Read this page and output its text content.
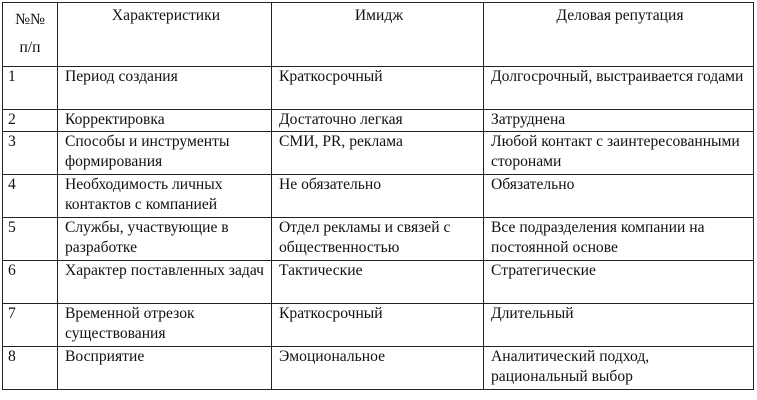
№№
п/п	Характеристики	Имидж	Деловая репутация
1	Период создания	Краткосрочный	Долгосрочный, выстраивается годами
2	Корректировка	Достаточно легкая	Затруднена
3	Способы и инструменты формирования	СМИ, PR, реклама	Любой контакт с заинтересованными сторонами
4	Необходимость личных контактов с компанией	Не обязательно	Обязательно
5	Службы, участвующие в разработке	Отдел рекламы и связей с общественностью	Все подразделения компании на постоянной основе
6	Характер поставленных задач	Тактические	Стратегические
7	Временной отрезок существования	Краткосрочный	Длительный
8	Восприятие	Эмоциональное	Аналитический подход, рациональный выбор
